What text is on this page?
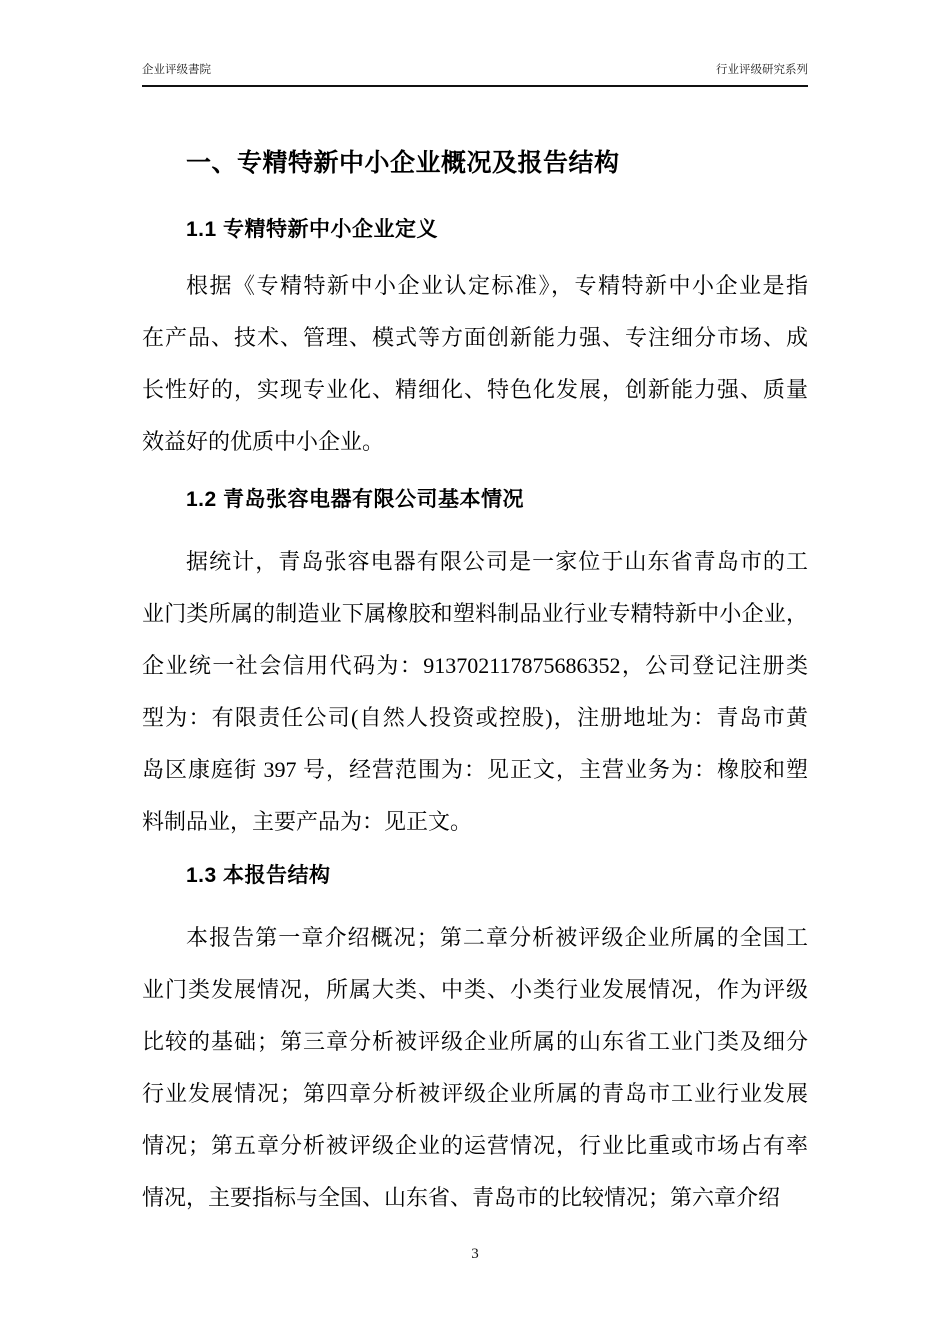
企业评级書院	行业评级研究系列
一、专精特新中小企业概况及报告结构
1.1 专精特新中小企业定义
根据《专精特新中小企业认定标准》，专精特新中小企业是指
在产品、技术、管理、模式等方面创新能力强、专注细分市场、成
长性好的，实现专业化、精细化、特色化发展，创新能力强、质量
效益好的优质中小企业。
1.2 青岛张容电器有限公司基本情况
据统计，青岛张容电器有限公司是一家位于山东省青岛市的工
业门类所属的制造业下属橡胶和塑料制品业行业专精特新中小企业，
企业统一社会信用代码为：913702117875686352，公司登记注册类
型为：有限责任公司(自然人投资或控股)，注册地址为：青岛市黄
岛区康庭街 397 号，经营范围为：见正文，主营业务为：橡胶和塑
料制品业，主要产品为：见正文。
1.3 本报告结构
本报告第一章介绍概况；第二章分析被评级企业所属的全国工
业门类发展情况，所属大类、中类、小类行业发展情况，作为评级
比较的基础；第三章分析被评级企业所属的山东省工业门类及细分
行业发展情况；第四章分析被评级企业所属的青岛市工业行业发展
情况；第五章分析被评级企业的运营情况，行业比重或市场占有率
情况，主要指标与全国、山东省、青岛市的比较情况；第六章介绍
3
